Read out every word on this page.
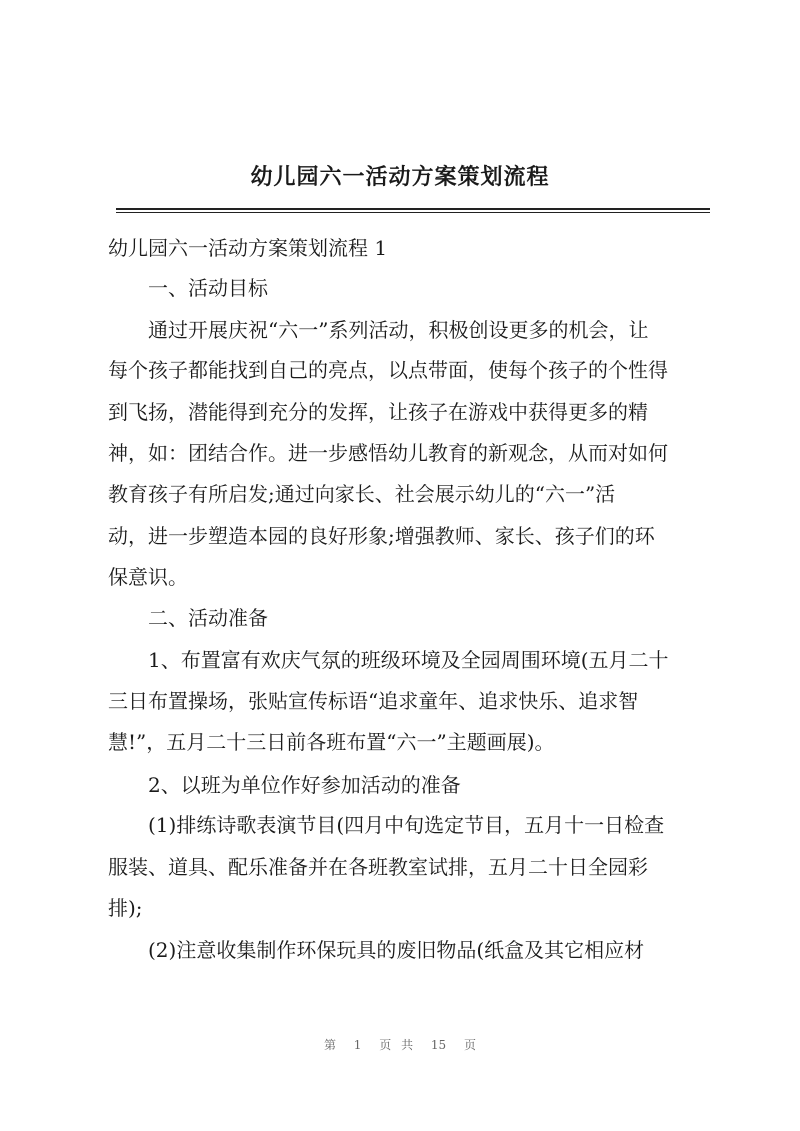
幼儿园六一活动方案策划流程
幼儿园六一活动方案策划流程 1
一、活动目标
通过开展庆祝“六一”系列活动，积极创设更多的机会，让
每个孩子都能找到自己的亮点，以点带面，使每个孩子的个性得
到飞扬，潜能得到充分的发挥，让孩子在游戏中获得更多的精
神，如：团结合作。进一步感悟幼儿教育的新观念，从而对如何
教育孩子有所启发;通过向家长、社会展示幼儿的“六一”活
动，进一步塑造本园的良好形象;增强教师、家长、孩子们的环
保意识。
二、活动准备
1、布置富有欢庆气氛的班级环境及全园周围环境(五月二十
三日布置操场，张贴宣传标语“追求童年、追求快乐、追求智
慧!”，五月二十三日前各班布置“六一”主题画展)。
2、以班为单位作好参加活动的准备
(1)排练诗歌表演节目(四月中旬选定节目，五月十一日检查
服装、道具、配乐准备并在各班教室试排，五月二十日全园彩
排);
(2)注意收集制作环保玩具的废旧物品(纸盒及其它相应材
第 1 页 共 15 页
